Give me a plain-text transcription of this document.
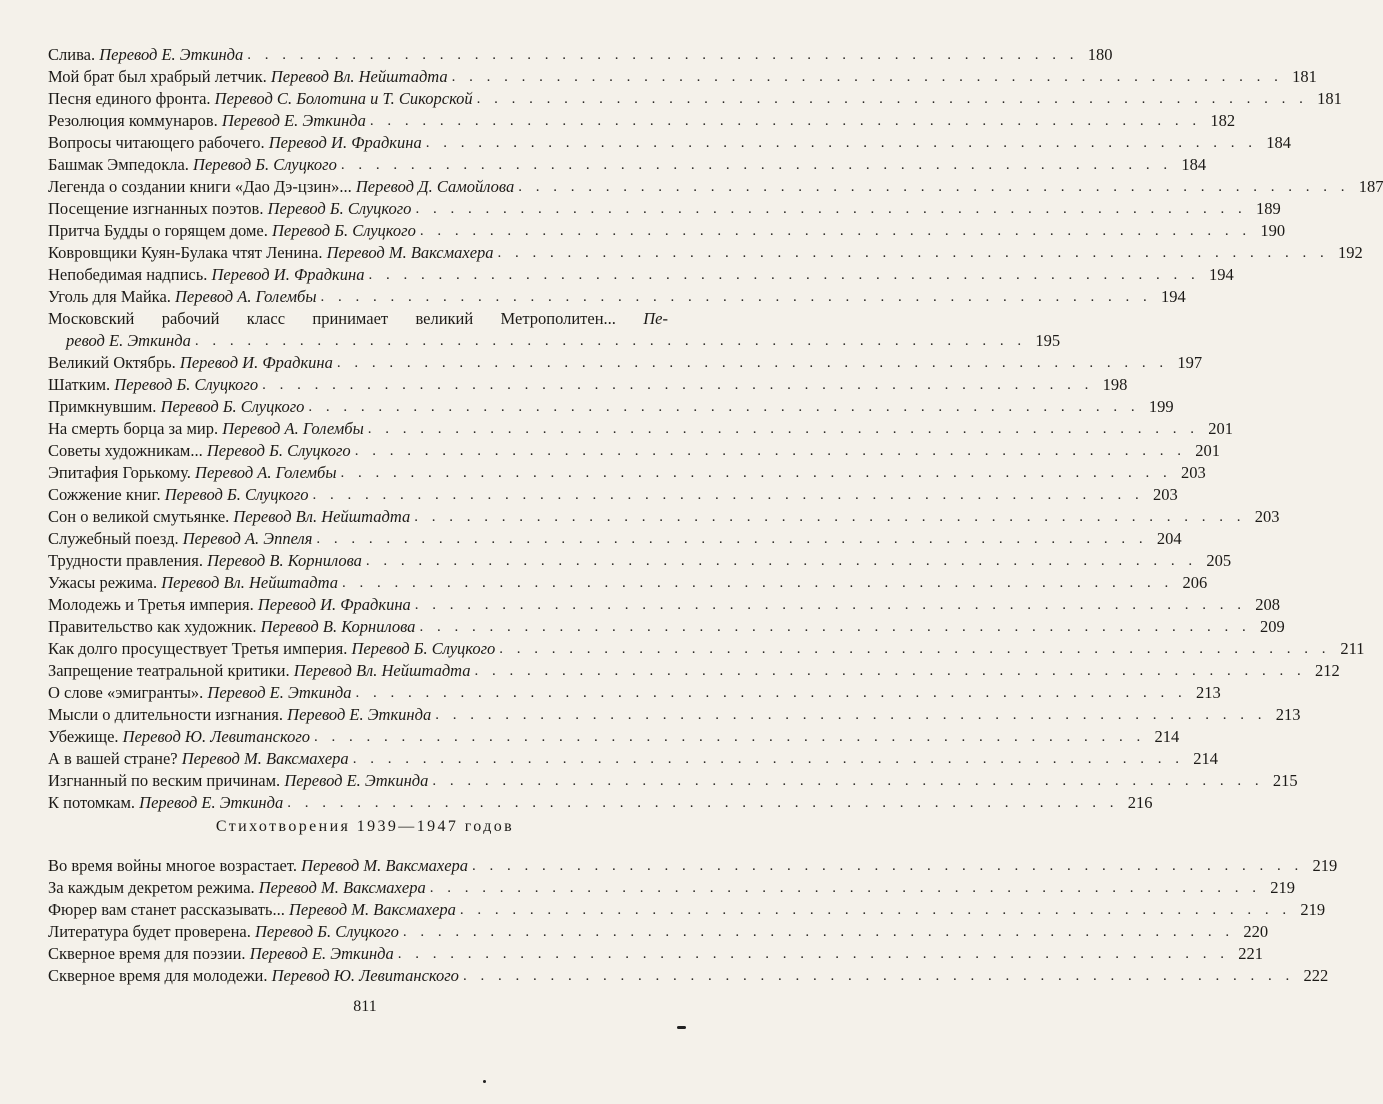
Слива.
Перевод Е. Эткинда . . . . . . . . . . . . . . . . . . . . . . . . . . . . . . . . . . . . . . . . . . . . . . . . 180
Мой брат был храбрый летчик.
Перевод Вл. Нейштадта . . . . . . . . . . . . . . . . . . . . . . . . . . . . . . . . . . . . . . . . . . . . . . . . 181
Песня единого фронта.
Перевод С. Болотина и Т. Сикорской . . . . . . . . . . . . . . . . . . . . . . . . . . . . . . . . . . . . . . . . . . . . . . . . 181
Резолюция коммунаров.
Перевод Е. Эткинда . . . . . . . . . . . . . . . . . . . . . . . . . . . . . . . . . . . . . . . . . . . . . . . . 182
Вопросы читающего рабочего.
Перевод И. Фрадкина . . . . . . . . . . . . . . . . . . . . . . . . . . . . . . . . . . . . . . . . . . . . . . . . 184
Башмак Эмпедокла.
Перевод Б. Слуцкого . . . . . . . . . . . . . . . . . . . . . . . . . . . . . . . . . . . . . . . . . . . . . . . . 184
Легенда о создании книги «Дао Дэ-цзин»...
Перевод Д. Самойлова . . . . . . . . . . . . . . . . . . . . . . . . . . . . . . . . . . . . . . . . . . . . . . . . 187
Посещение изгнанных поэтов.
Перевод Б. Слуцкого . . . . . . . . . . . . . . . . . . . . . . . . . . . . . . . . . . . . . . . . . . . . . . . . 189
Притча Будды о горящем доме.
Перевод Б. Слуцкого . . . . . . . . . . . . . . . . . . . . . . . . . . . . . . . . . . . . . . . . . . . . . . . . 190
Ковровщики Куян-Булака чтят Ленина.
Перевод М. Ваксмахера . . . . . . . . . . . . . . . . . . . . . . . . . . . . . . . . . . . . . . . . . . . . . . . . 192
Непобедимая надпись.
Перевод И. Фрадкина . . . . . . . . . . . . . . . . . . . . . . . . . . . . . . . . . . . . . . . . . . . . . . . . 194
Уголь для Майка.
Перевод А. Голембы . . . . . . . . . . . . . . . . . . . . . . . . . . . . . . . . . . . . . . . . . . . . . . . . 194
Московский рабочий класс принимает великий Метрополитен... Пе-
ревод Е. Эткинда . . . . . . . . . . . . . . . . . . . . . . . . . . . . . . . . . . . . . . . . . . . . . . . . 195
Великий Октябрь.
Перевод И. Фрадкина . . . . . . . . . . . . . . . . . . . . . . . . . . . . . . . . . . . . . . . . . . . . . . . . 197
Шатким.
Перевод Б. Слуцкого . . . . . . . . . . . . . . . . . . . . . . . . . . . . . . . . . . . . . . . . . . . . . . . . 198
Примкнувшим.
Перевод Б. Слуцкого . . . . . . . . . . . . . . . . . . . . . . . . . . . . . . . . . . . . . . . . . . . . . . . . 199
На смерть борца за мир.
Перевод А. Голембы . . . . . . . . . . . . . . . . . . . . . . . . . . . . . . . . . . . . . . . . . . . . . . . . 201
Советы художникам...
Перевод Б. Слуцкого . . . . . . . . . . . . . . . . . . . . . . . . . . . . . . . . . . . . . . . . . . . . . . . . 201
Эпитафия Горькому.
Перевод А. Голембы . . . . . . . . . . . . . . . . . . . . . . . . . . . . . . . . . . . . . . . . . . . . . . . . 203
Сожжение книг.
Перевод Б. Слуцкого . . . . . . . . . . . . . . . . . . . . . . . . . . . . . . . . . . . . . . . . . . . . . . . . 203
Сон о великой смутьянке.
Перевод Вл. Нейштадта . . . . . . . . . . . . . . . . . . . . . . . . . . . . . . . . . . . . . . . . . . . . . . . . 203
Служебный поезд.
Перевод А. Эппеля . . . . . . . . . . . . . . . . . . . . . . . . . . . . . . . . . . . . . . . . . . . . . . . . 204
Трудности правления.
Перевод В. Корнилова . . . . . . . . . . . . . . . . . . . . . . . . . . . . . . . . . . . . . . . . . . . . . . . . 205
Ужасы режима.
Перевод Вл. Нейштадта . . . . . . . . . . . . . . . . . . . . . . . . . . . . . . . . . . . . . . . . . . . . . . . . 206
Молодежь и Третья империя.
Перевод И. Фрадкина . . . . . . . . . . . . . . . . . . . . . . . . . . . . . . . . . . . . . . . . . . . . . . . . 208
Правительство как художник.
Перевод В. Корнилова . . . . . . . . . . . . . . . . . . . . . . . . . . . . . . . . . . . . . . . . . . . . . . . . 209
Как долго просуществует Третья империя.
Перевод Б. Слуцкого . . . . . . . . . . . . . . . . . . . . . . . . . . . . . . . . . . . . . . . . . . . . . . . . 211
Запрещение театральной критики.
Перевод Вл. Нейштадта . . . . . . . . . . . . . . . . . . . . . . . . . . . . . . . . . . . . . . . . . . . . . . . . 212
О слове «эмигранты».
Перевод Е. Эткинда . . . . . . . . . . . . . . . . . . . . . . . . . . . . . . . . . . . . . . . . . . . . . . . . 213
Мысли о длительности изгнания.
Перевод Е. Эткинда . . . . . . . . . . . . . . . . . . . . . . . . . . . . . . . . . . . . . . . . . . . . . . . . 213
Убежище.
Перевод Ю. Левитанского . . . . . . . . . . . . . . . . . . . . . . . . . . . . . . . . . . . . . . . . . . . . . . . . 214
А в вашей стране?
Перевод М. Ваксмахера . . . . . . . . . . . . . . . . . . . . . . . . . . . . . . . . . . . . . . . . . . . . . . . . 214
Изгнанный по веским причинам.
Перевод Е. Эткинда . . . . . . . . . . . . . . . . . . . . . . . . . . . . . . . . . . . . . . . . . . . . . . . . 215
К потомкам.
Перевод Е. Эткинда . . . . . . . . . . . . . . . . . . . . . . . . . . . . . . . . . . . . . . . . . . . . . . . . 216
Стихотворения 1939—1947 годов
Во время войны многое возрастает.
Перевод М. Ваксмахера . . . . . . . . . . . . . . . . . . . . . . . . . . . . . . . . . . . . . . . . . . . . . . . . 219
За каждым декретом режима.
Перевод М. Ваксмахера . . . . . . . . . . . . . . . . . . . . . . . . . . . . . . . . . . . . . . . . . . . . . . . . 219
Фюрер вам станет рассказывать...
Перевод М. Ваксмахера . . . . . . . . . . . . . . . . . . . . . . . . . . . . . . . . . . . . . . . . . . . . . . . . 219
Литература будет проверена.
Перевод Б. Слуцкого . . . . . . . . . . . . . . . . . . . . . . . . . . . . . . . . . . . . . . . . . . . . . . . . 220
Скверное время для поэзии.
Перевод Е. Эткинда . . . . . . . . . . . . . . . . . . . . . . . . . . . . . . . . . . . . . . . . . . . . . . . . 221
Скверное время для молодежи.
Перевод Ю. Левитанского . . . . . . . . . . . . . . . . . . . . . . . . . . . . . . . . . . . . . . . . . . . . . . . . 222
811
